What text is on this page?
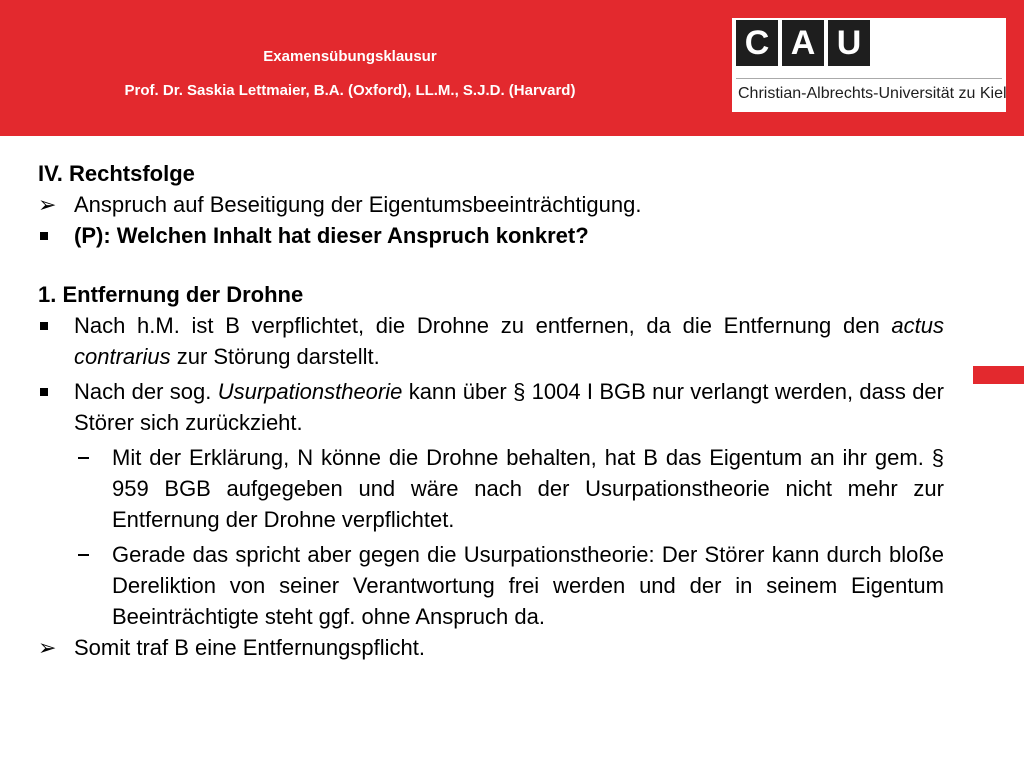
Examensübungsklausur
Prof. Dr. Saskia Lettmaier, B.A. (Oxford), LL.M., S.J.D. (Harvard)
C A U
Christian-Albrechts-Universität zu Kiel

IV. Rechtsfolge

➢ Anspruch auf Beseitigung der Eigentumsbeeinträchtigung.

(P): Welchen Inhalt hat dieser Anspruch konkret?

1. Entfernung der Drohne

Nach h.M. ist B verpflichtet, die Drohne zu entfernen, da die Entfernung den actus contrarius zur Störung darstellt.

Nach der sog. Usurpationstheorie kann über § 1004 I BGB nur verlangt werden, dass der Störer sich zurückzieht.

Mit der Erklärung, N könne die Drohne behalten, hat B das Eigentum an ihr gem. § 959 BGB aufgegeben und wäre nach der Usurpationstheorie nicht mehr zur Entfernung der Drohne verpflichtet.

Gerade das spricht aber gegen die Usurpationstheorie: Der Störer kann durch bloße Dereliktion von seiner Verantwortung frei werden und der in seinem Eigentum Beeinträchtigte steht ggf. ohne Anspruch da.

➢ Somit traf B eine Entfernungspflicht.
